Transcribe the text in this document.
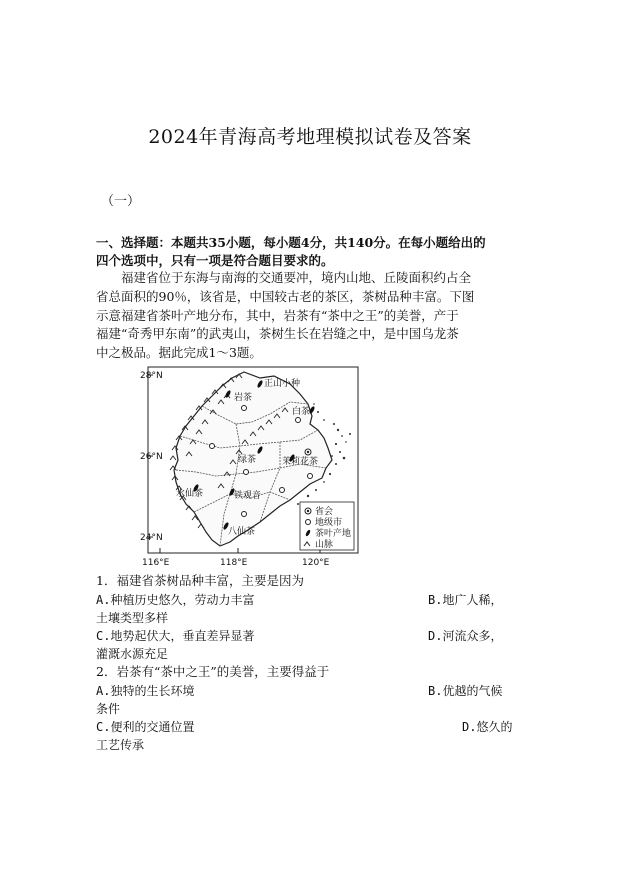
2024年青海高考地理模拟试卷及答案
（一）
一、选择题：本题共35小题，每小题4分，共140分。在每小题给出的
四个选项中，只有一项是符合题目要求的。
福建省位于东海与南海的交通要冲，境内山地、丘陵面积约占全
省总面积的90％，该省是，中国较古老的茶区，茶树品种丰富。下图
示意福建省茶叶产地分布，其中，岩茶有“茶中之王”的美誉，产于
福建“奇秀甲东南”的武夷山，茶树生长在岩缝之中，是中国乌龙茶
中之极品。据此完成1～3题。
28°N
26°N
24°N
116°E	118°E	120°E
正山小种
岩茶
白茶
绿茶	茉莉花茶
水仙茶	铁观音
八仙茶
省会
地级市
茶叶产地
山脉
1．福建省茶树品种丰富，主要是因为
A.种植历史悠久，劳动力丰富	B.地广人稀，
土壤类型多样
C.地势起伏大，垂直差异显著	D.河流众多，
灌溉水源充足
2．岩茶有“茶中之王”的美誉，主要得益于
A.独特的生长环境	B.优越的气候
条件
C.便利的交通位置	D.悠久的
工艺传承
